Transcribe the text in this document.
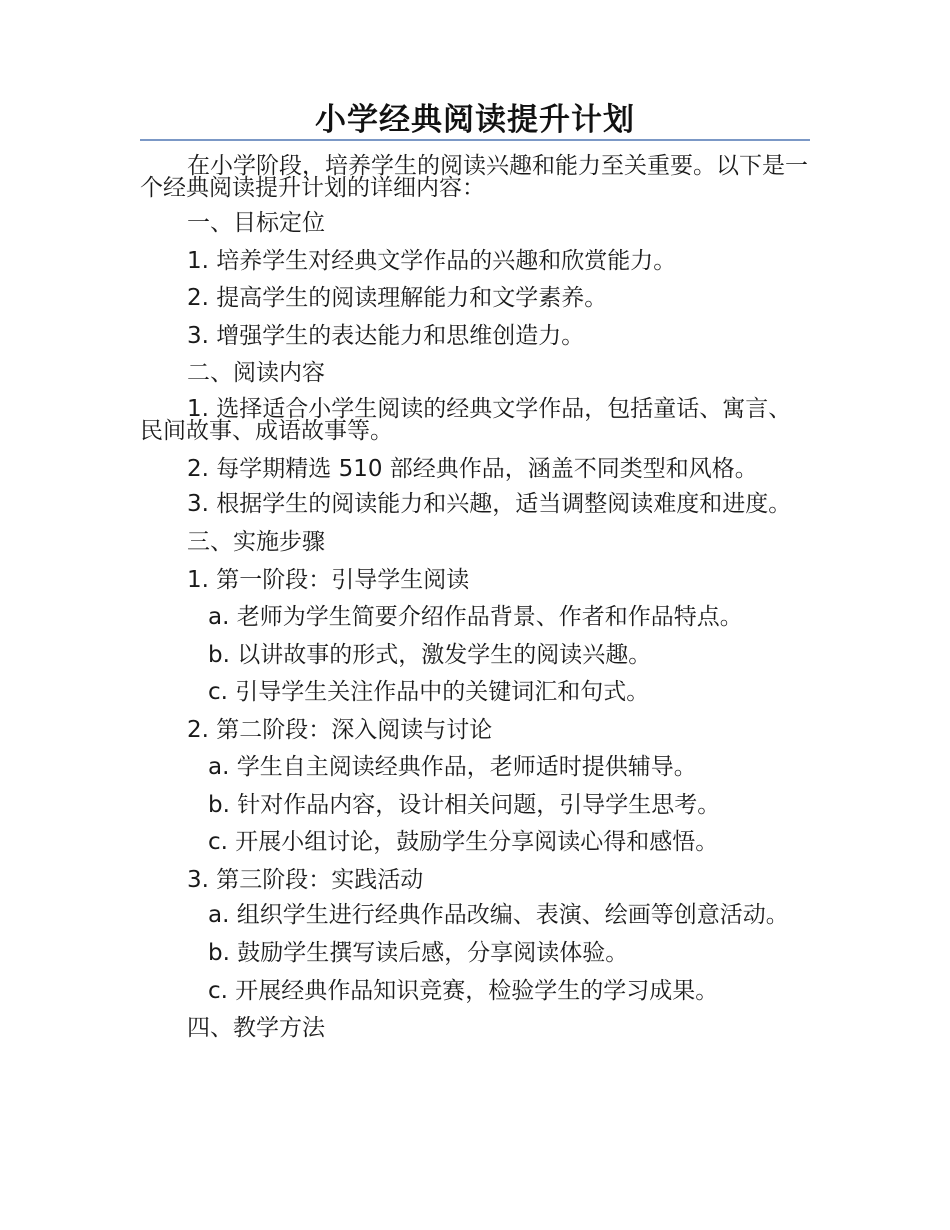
小学经典阅读提升计划

在小学阶段，培养学生的阅读兴趣和能力至关重要。以下是一个经典阅读提升计划的详细内容：

一、目标定位

1. 培养学生对经典文学作品的兴趣和欣赏能力。

2. 提高学生的阅读理解能力和文学素养。

3. 增强学生的表达能力和思维创造力。

二、阅读内容

1. 选择适合小学生阅读的经典文学作品，包括童话、寓言、民间故事、成语故事等。

2. 每学期精选 510 部经典作品，涵盖不同类型和风格。

3. 根据学生的阅读能力和兴趣，适当调整阅读难度和进度。

三、实施步骤

1. 第一阶段：引导学生阅读

a. 老师为学生简要介绍作品背景、作者和作品特点。

b. 以讲故事的形式，激发学生的阅读兴趣。

c. 引导学生关注作品中的关键词汇和句式。

2. 第二阶段：深入阅读与讨论

a. 学生自主阅读经典作品，老师适时提供辅导。

b. 针对作品内容，设计相关问题，引导学生思考。

c. 开展小组讨论，鼓励学生分享阅读心得和感悟。

3. 第三阶段：实践活动

a. 组织学生进行经典作品改编、表演、绘画等创意活动。

b. 鼓励学生撰写读后感，分享阅读体验。

c. 开展经典作品知识竞赛，检验学生的学习成果。

四、教学方法
